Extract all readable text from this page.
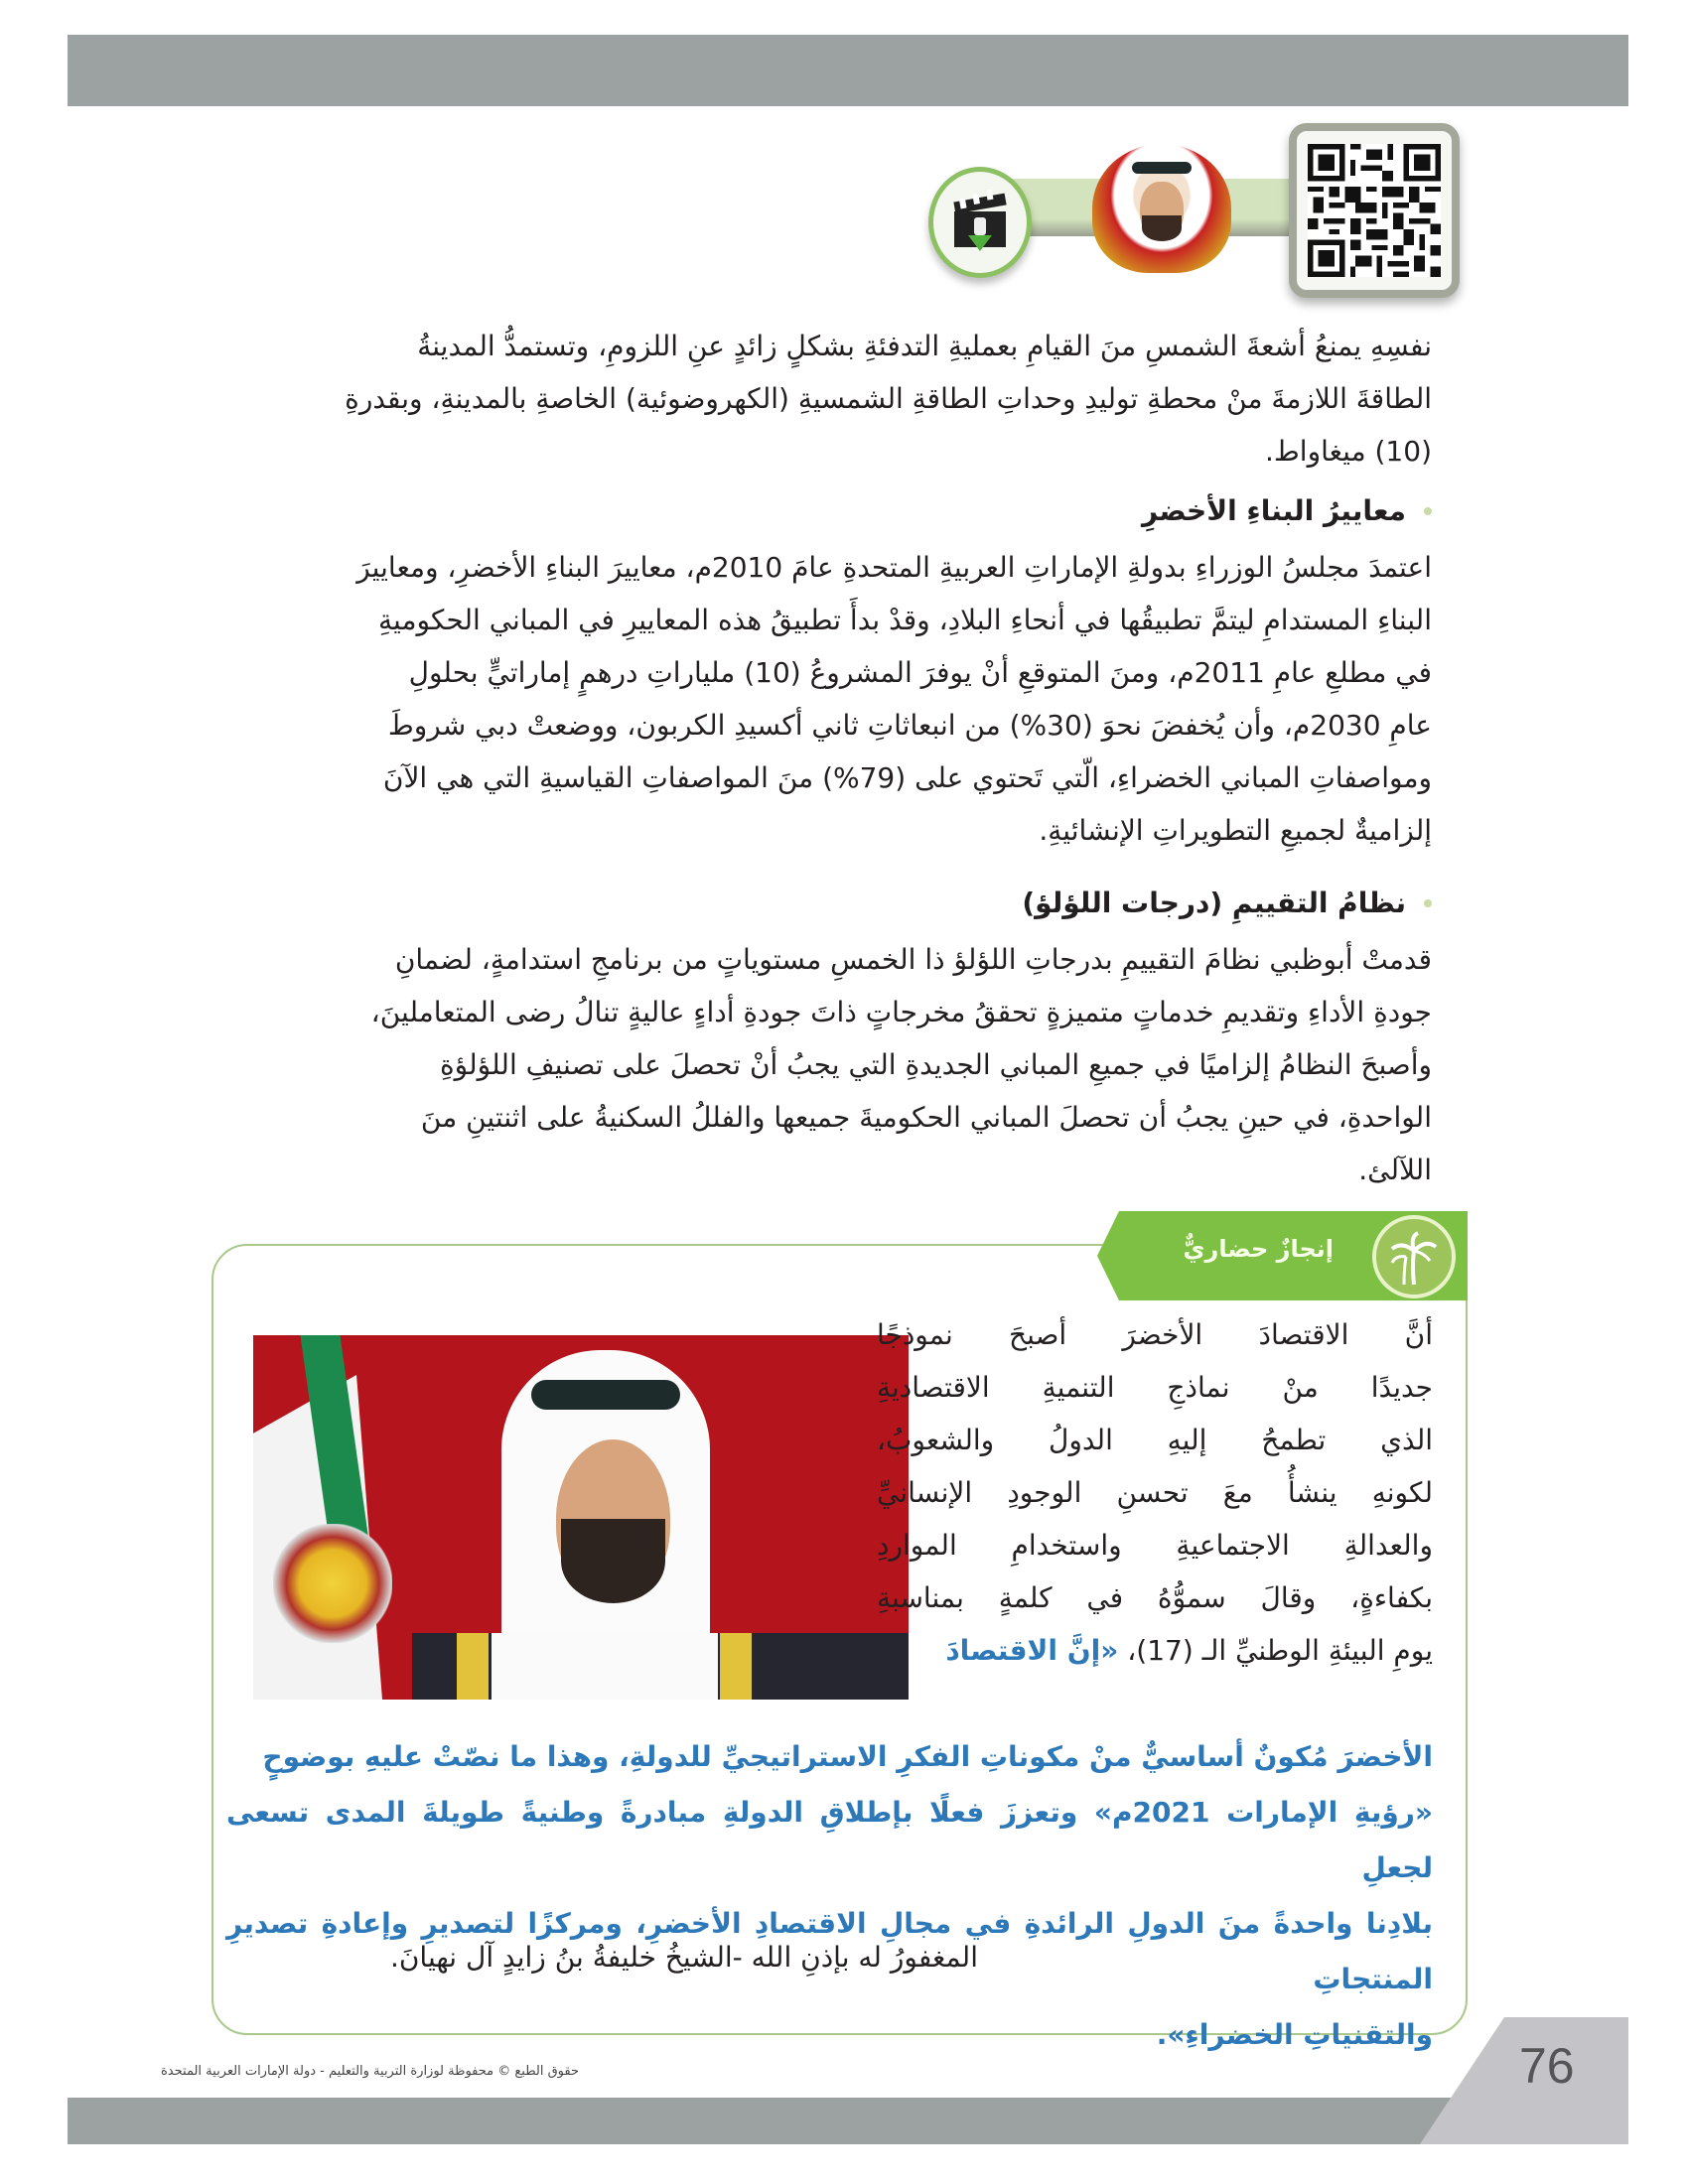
نفسِهِ يمنعُ أشعةَ الشمسِ منَ القيامِ بعمليةِ التدفئةِ بشكلٍ زائدٍ عنِ اللزومِ، وتستمدُّ المدينةُ

الطاقةَ اللازمةَ منْ محطةِ توليدِ وحداتِ الطاقةِ الشمسيةِ (الكهروضوئية) الخاصةِ بالمدينةِ، وبقدرةِ

(10) ميغاواط.

معاييرُ البناءِ الأخضرِ

اعتمدَ مجلسُ الوزراءِ بدولةِ الإماراتِ العربيةِ المتحدةِ عامَ 2010م، معاييرَ البناءِ الأخضرِ، ومعاييرَ

البناءِ المستدامِ ليتمَّ تطبيقُها في أنحاءِ البلادِ، وقدْ بدأَ تطبيقُ هذه المعاييرِ في المباني الحكوميةِ

في مطلعِ عامِ 2011م، ومنَ المتوقعِ أنْ يوفرَ المشروعُ (10) ملياراتِ درهمٍ إماراتيٍّ بحلولِ

عامِ 2030م، وأن يُخفضَ نحوَ (30%) من انبعاثاتِ ثاني أكسيدِ الكربون، ووضعتْ دبي شروطَ

ومواصفاتِ المباني الخضراءِ، الّتي تَحتوي على (79%) منَ المواصفاتِ القياسيةِ التي هي الآنَ

إلزاميةٌ لجميعِ التطويراتِ الإنشائيةِ.

نظامُ التقييمِ (درجات اللؤلؤ)

قدمتْ أبوظبي نظامَ التقييمِ بدرجاتِ اللؤلؤ ذا الخمسِ مستوياتٍ من برنامجِ استدامةٍ، لضمانِ

جودةِ الأداءِ وتقديمِ خدماتٍ متميزةٍ تحققُ مخرجاتٍ ذاتَ جودةِ أداءٍ عاليةٍ تنالُ رضى المتعاملينَ،

وأصبحَ النظامُ إلزاميًا في جميعِ المباني الجديدةِ التي يجبُ أنْ تحصلَ على تصنيفِ اللؤلؤةِ

الواحدةِ، في حينِ يجبُ أن تحصلَ المباني الحكوميةَ جميعها والفللُ السكنيةُ على اثنتينِ منَ

اللآلئ.

إنجازٌ حضاريٌّ

أنَّ الاقتصادَ الأخضرَ أصبحَ نموذجًا

جديدًا منْ نماذجِ التنميةِ الاقتصاديةِ

الذي تطمحُ إليهِ الدولُ والشعوبُ،

لكونهِ ينشأُ معَ تحسنِ الوجودِ الإنسانيِّ

والعدالةِ الاجتماعيةِ واستخدامِ المواردِ

بكفاءةٍ، وقالَ سموُّهُ في كلمةٍ بمناسبةِ

يومِ البيئةِ الوطنيِّ الـ (17)، «إنَّ الاقتصادَ

الأخضرَ مُكونٌ أساسيٌّ منْ مكوناتِ الفكرِ الاستراتيجيِّ للدولةِ، وهذا ما نصّتْ عليهِ بوضوحٍ

«رؤيةِ الإمارات 2021م» وتعززَ فعلًا بإطلاقِ الدولةِ مبادرةً وطنيةً طويلةَ المدى تسعى لجعلِ

بلادِنا واحدةً منَ الدولِ الرائدةِ في مجالِ الاقتصادِ الأخضرِ، ومركزًا لتصديرِ وإعادةِ تصديرِ المنتجاتِ

والتقنياتِ الخضراءِ».

المغفورُ له بإذنِ الله -الشيخُ خليفةُ بنُ زايدٍ آل نهيانَ.
حقوق الطبع © محفوظة لوزارة التربية والتعليم - دولة الإمارات العربية المتحدة	76
